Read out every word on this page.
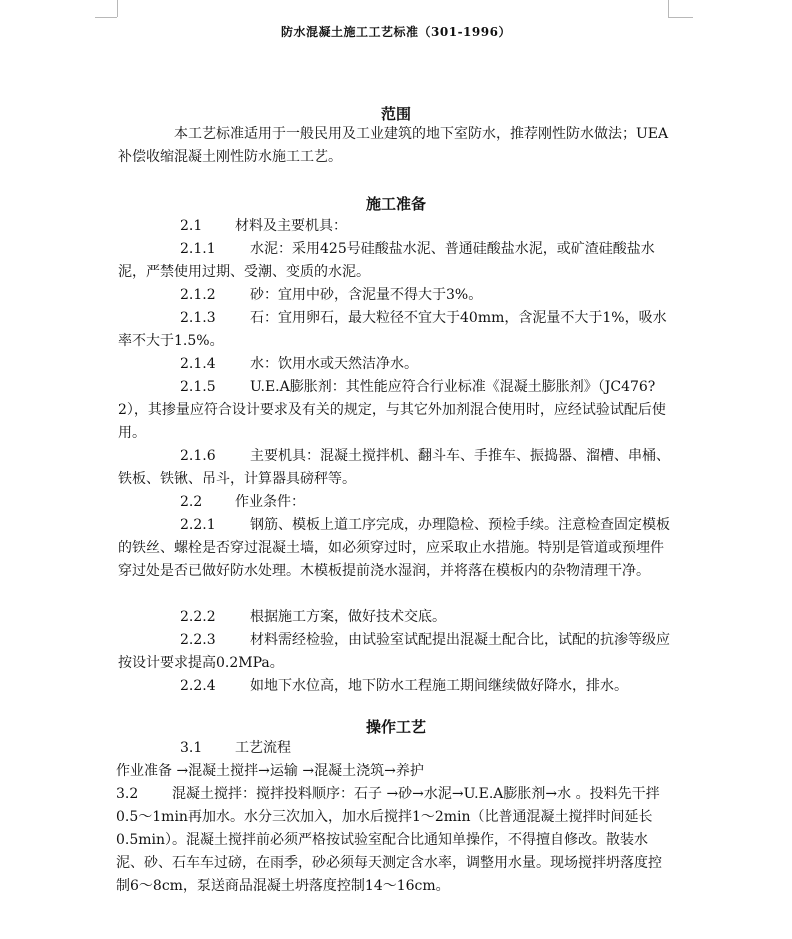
防水混凝土施工工艺标准（301-1996）
范围
本工艺标准适用于一般民用及工业建筑的地下室防水，推荐刚性防水做法；UEA补偿收缩混凝土刚性防水施工工艺。
施工准备
2.1 材料及主要机具：
2.1.1 水泥：采用425号硅酸盐水泥、普通硅酸盐水泥，或矿渣硅酸盐水泥，严禁使用过期、受潮、变质的水泥。
2.1.2 砂：宜用中砂，含泥量不得大于3%。
2.1.3 石：宜用卵石，最大粒径不宜大于40mm，含泥量不大于1%，吸水率不大于1.5%。
2.1.4 水：饮用水或天然洁净水。
2.1.5 U.E.A膨胀剂：其性能应符合行业标准《混凝土膨胀剂》（JC476?2），其掺量应符合设计要求及有关的规定，与其它外加剂混合使用时，应经试验试配后使用。
2.1.6 主要机具：混凝土搅拌机、翻斗车、手推车、振捣器、溜槽、串桶、铁板、铁锹、吊斗，计算器具磅秤等。
2.2 作业条件：
2.2.1 钢筋、模板上道工序完成，办理隐检、预检手续。注意检查固定模板的铁丝、螺栓是否穿过混凝土墙，如必须穿过时，应采取止水措施。特别是管道或预埋件穿过处是否已做好防水处理。木模板提前浇水湿润，并将落在模板内的杂物清理干净。
2.2.2 根据施工方案，做好技术交底。
2.2.3 材料需经检验，由试验室试配提出混凝土配合比，试配的抗渗等级应按设计要求提高0.2MPa。
2.2.4 如地下水位高，地下防水工程施工期间继续做好降水，排水。
操作工艺
3.1 工艺流程
作业准备 →混凝土搅拌→运输 →混凝土浇筑→养护
3.2 混凝土搅拌：搅拌投料顺序：石子 →砂→水泥→U.E.A膨胀剂→水 。投料先干拌0.5～1min再加水。水分三次加入，加水后搅拌1～2min（比普通混凝土搅拌时间延长0.5min）。混凝土搅拌前必须严格按试验室配合比通知单操作，不得擅自修改。散装水泥、砂、石车车过磅，在雨季，砂必须每天测定含水率，调整用水量。现场搅拌坍落度控制6～8cm，泵送商品混凝土坍落度控制14～16cm。
